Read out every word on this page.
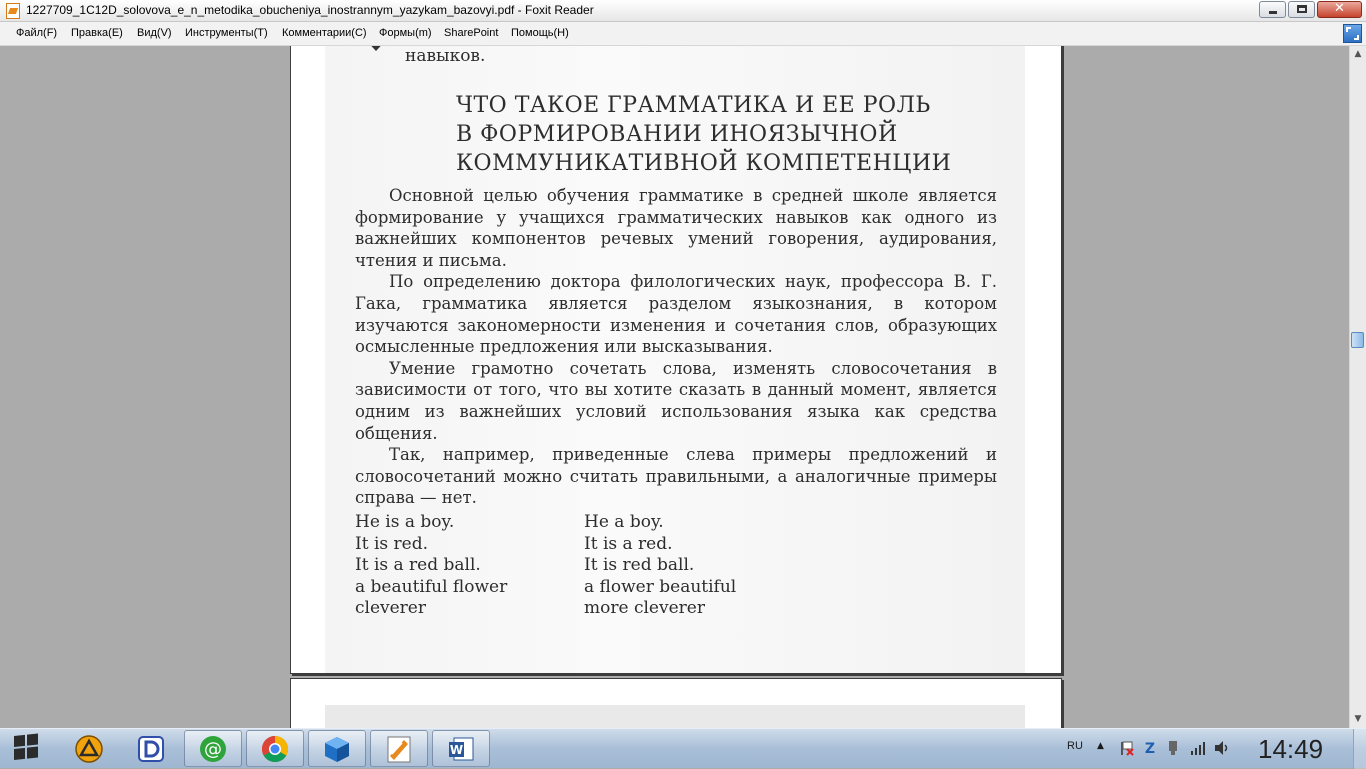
1227709_1C12D_solovova_e_n_metodika_obucheniya_inostrannym_yazykam_bazovyi.pdf - Foxit Reader	✕
Файл(F) Правка(E) Вид(V) Инструменты(T) Комментарии(C) Формы(m) SharePoint Помощь(H)
навыков.
ЧТО ТАКОЕ ГРАММАТИКА И ЕЕ РОЛЬ
В ФОРМИРОВАНИИ ИНОЯЗЫЧНОЙ
КОММУНИКАТИВНОЙ КОМПЕТЕНЦИИ

Основной целью обучения грамматике в средней школе является формирование у учащихся грамматических навыков как одного из важнейших компонентов речевых умений говорения, аудирования, чтения и письма.

По определению доктора филологических наук, профессора В. Г. Гака, грамматика является разделом языкознания, в котором изучаются закономерности изменения и сочетания слов, образующих осмысленные предложения или высказывания.

Умение грамотно сочетать слова, изменять словосочетания в зависимости от того, что вы хотите сказать в данный момент, является одним из важнейших условий использования языка как средства общения.

Так, например, приведенные слева примеры предложений и словосочетаний можно считать правильными, а аналогичные примеры справа — нет.

He is a boy.	He a boy.
It is red.	It is a red.
It is a red ball.	It is red ball.
a beautiful flower	a flower beautiful
cleverer	more cleverer
▲
▼
@	W	RU ▲	Z	14:49
